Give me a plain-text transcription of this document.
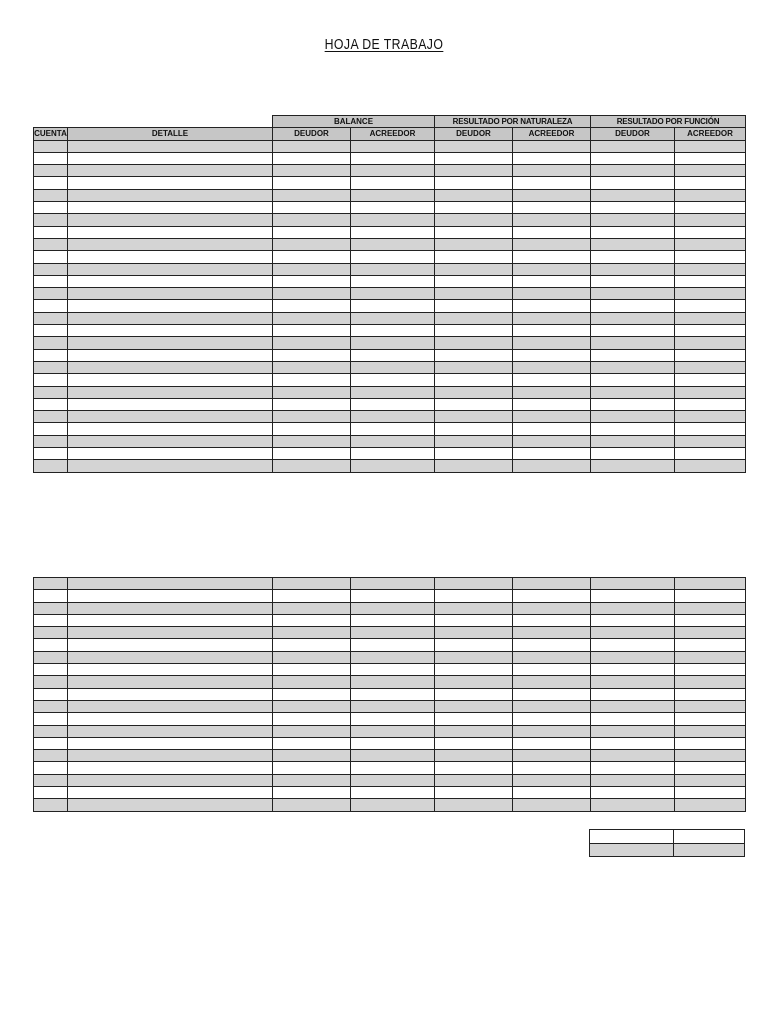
HOJA DE TRABAJO
		BALANCE		RESULTADO POR NATURALEZA		RESULTADO POR FUNCIÓN	
CUENTA	DETALLE	DEUDOR	ACREEDOR	DEUDOR	ACREEDOR	DEUDOR	ACREEDOR
